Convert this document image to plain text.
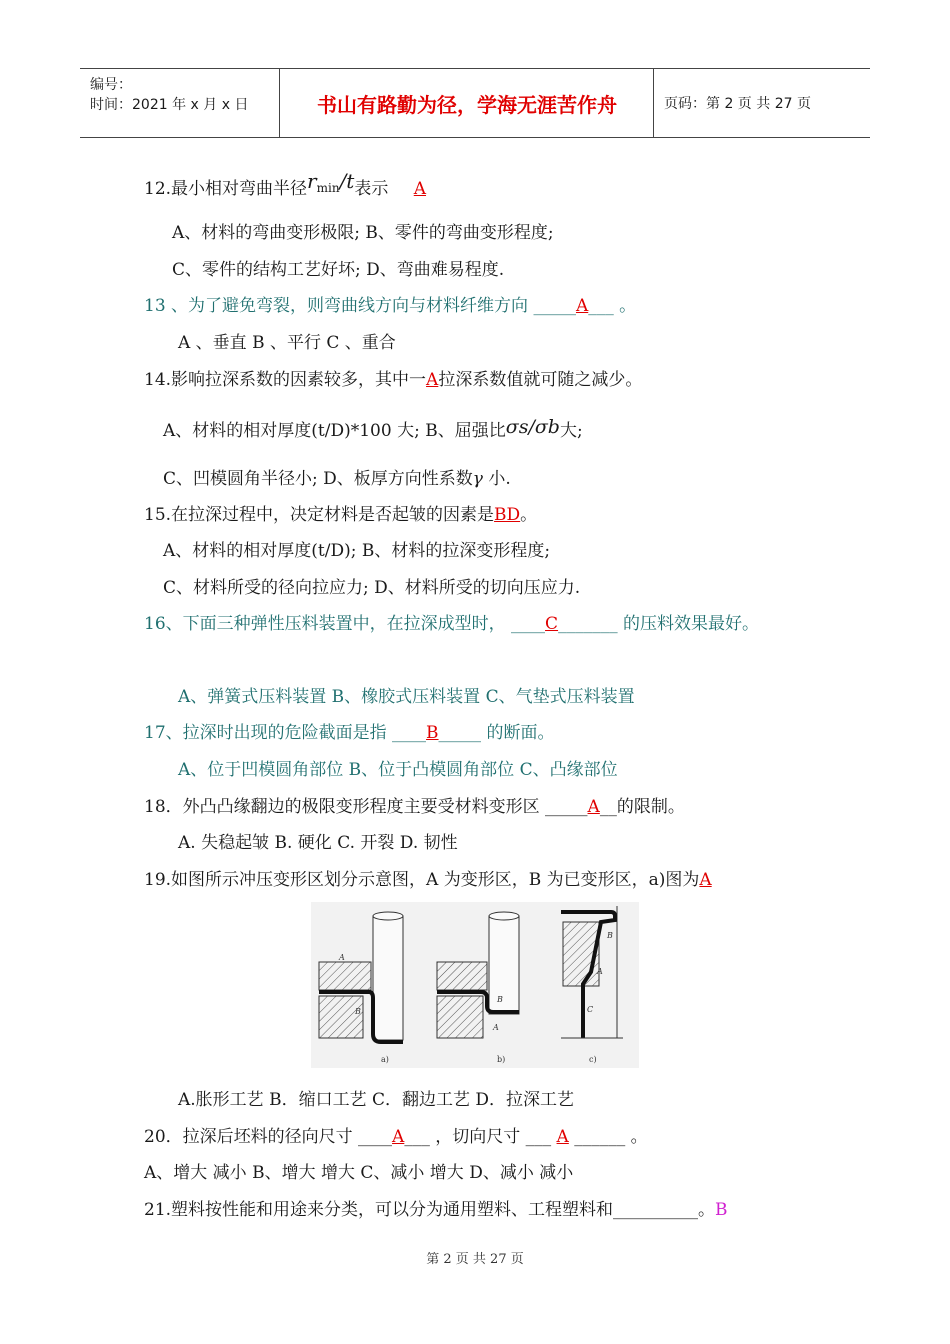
编号：
时间：2021 年 x 月 x 日	书山有路勤为径，学海无涯苦作舟	页码：第 2 页 共 27 页
12.最小相对弯曲半径rmin/t表示 A
A、材料的弯曲变形极限; B、零件的弯曲变形程度;
C、零件的结构工艺好坏; D、弯曲难易程度.
13 、为了避免弯裂，则弯曲线方向与材料纤维方向 _____A___ 。
A 、垂直 B 、平行 C 、重合
14.影响拉深系数的因素较多，其中一A拉深系数值就可随之减少。
A、材料的相对厚度(t/D)*100 大; B、屈强比σs/σb大;
C、凹模圆角半径小; D、板厚方向性系数γ 小.
15.在拉深过程中，决定材料是否起皱的因素是BD。
A、材料的相对厚度(t/D); B、材料的拉深变形程度;
C、材料所受的径向拉应力; D、材料所受的切向压应力.
16、下面三种弹性压料装置中，在拉深成型时， ____C_______ 的压料效果最好。
A、弹簧式压料装置 B、橡胶式压料装置 C、气垫式压料装置
17、拉深时出现的危险截面是指 ____B_____ 的断面。
A、位于凹模圆角部位 B、位于凸模圆角部位 C、凸缘部位
18．外凸凸缘翻边的极限变形程度主要受材料变形区 _____A__的限制。
A. 失稳起皱 B. 硬化 C. 开裂 D. 韧性
19.如图所示冲压变形区划分示意图，A 为变形区，B 为已变形区，a)图为A
A
B
a)
B
A
b)
B
A
C
c)
A.胀形工艺 B．缩口工艺 C．翻边工艺 D．拉深工艺
20．拉深后坯料的径向尺寸 ____A___ ，切向尺寸 ___ A ______ 。
A、增大 减小 B、增大 增大 C、减小 增大 D、减小 减小
21.塑料按性能和用途来分类，可以分为通用塑料、工程塑料和__________。B
第 2 页 共 27 页
